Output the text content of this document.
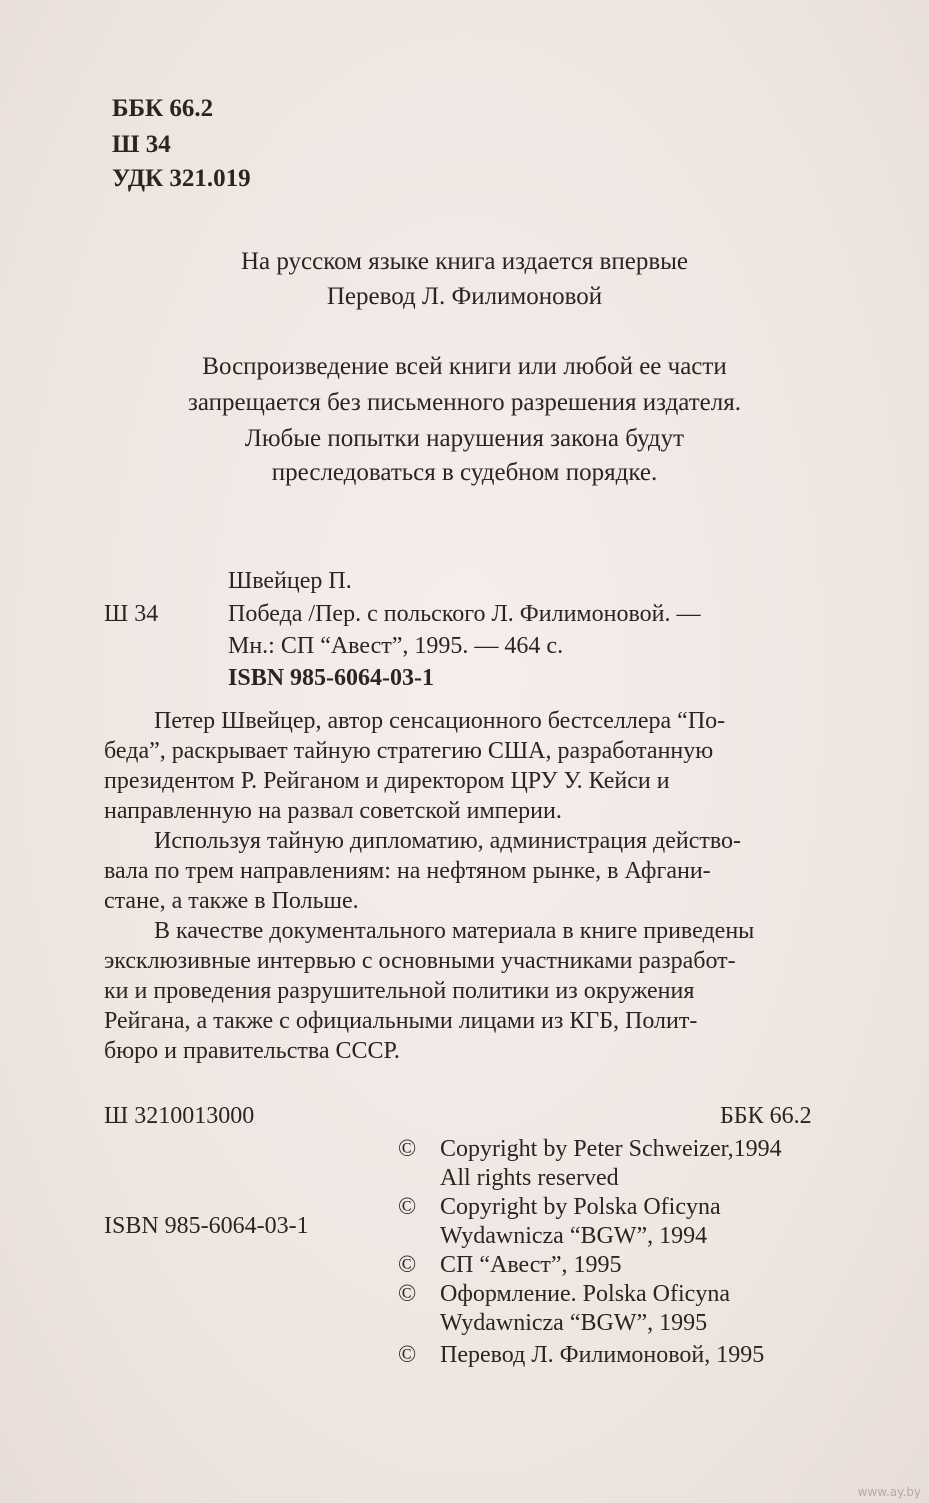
ББК 66.2
Ш 34
УДК 321.019
На русском языке книга издается впервые
Перевод Л. Филимоновой
Воспроизведение всей книги или любой ее части
запрещается без письменного разрешения издателя.
Любые попытки нарушения закона будут
преследоваться в судебном порядке.
Швейцер П.
Ш 34	Победа /Пер. с польского Л. Филимоновой. —
Мн.: СП “Авест”, 1995. — 464 с.
ISBN 985-6064-03-1

Петер Швейцер, автор сенсационного бестселлера “По-
беда”, раскрывает тайную стратегию США, разработанную
президентом Р. Рейганом и директором ЦРУ У. Кейси и
направленную на развал советской империи.

Используя тайную дипломатию, администрация действо-
вала по трем направлениям: на нефтяном рынке, в Афгани-
стане, а также в Польше.

В качестве документального материала в книге приведены
эксклюзивные интервью с основными участниками разработ-
ки и проведения разрушительной политики из окружения
Рейгана, а также с официальными лицами из КГБ, Полит-
бюро и правительства СССР.

Ш 3210013000	ББК 66.2
ISBN 985-6064-03-1
© Copyright by Peter Schweizer,1994
All rights reserved
© Copyright by Polska Oficyna
Wydawnicza “BGW”, 1994
© СП “Авест”, 1995
© Оформление. Polska Oficyna
Wydawnicza “BGW”, 1995
© Перевод Л. Филимоновой, 1995
www.ay.by
